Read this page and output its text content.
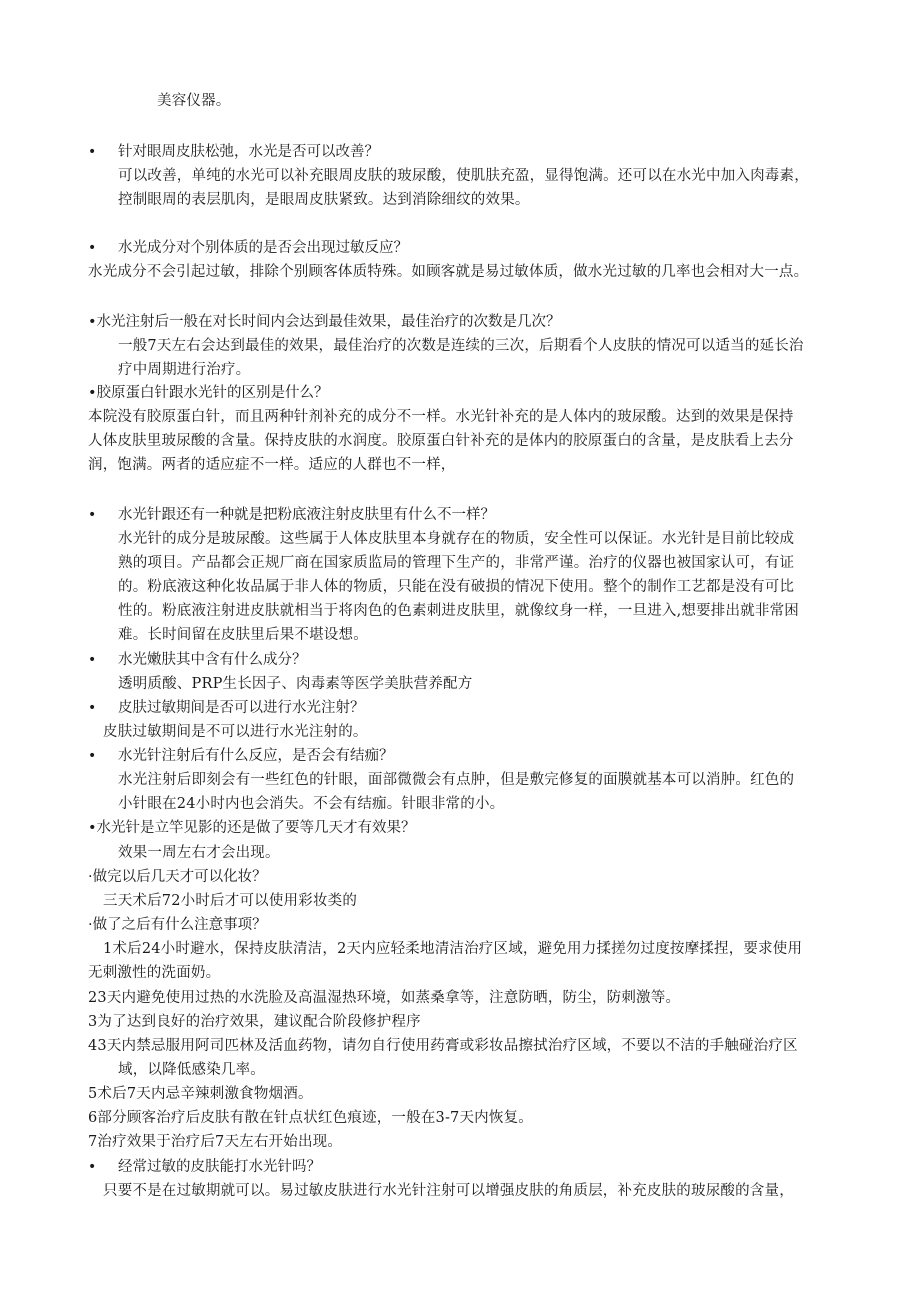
美容仪器。
• 针对眼周皮肤松弛，水光是否可以改善？
可以改善，单纯的水光可以补充眼周皮肤的玻尿酸，使肌肤充盈，显得饱满。还可以在水光中加入肉毒素，
控制眼周的表层肌肉，是眼周皮肤紧致。达到消除细纹的效果。
• 水光成分对个别体质的是否会出现过敏反应？
水光成分不会引起过敏，排除个别顾客体质特殊。如顾客就是易过敏体质，做水光过敏的几率也会相对大一点。
•水光注射后一般在对长时间内会达到最佳效果，最佳治疗的次数是几次？
一般7天左右会达到最佳的效果，最佳治疗的次数是连续的三次，后期看个人皮肤的情况可以适当的延长治
疗中周期进行治疗。
•胶原蛋白针跟水光针的区别是什么？
本院没有胶原蛋白针，而且两种针剂补充的成分不一样。水光针补充的是人体内的玻尿酸。达到的效果是保持
人体皮肤里玻尿酸的含量。保持皮肤的水润度。胶原蛋白针补充的是体内的胶原蛋白的含量，是皮肤看上去分
润，饱满。两者的适应症不一样。适应的人群也不一样，
• 水光针跟还有一种就是把粉底液注射皮肤里有什么不一样？
水光针的成分是玻尿酸。这些属于人体皮肤里本身就存在的物质，安全性可以保证。水光针是目前比较成
熟的项目。产品都会正规厂商在国家质监局的管理下生产的，非常严谨。治疗的仪器也被国家认可，有证
的。粉底液这种化妆品属于非人体的物质，只能在没有破损的情况下使用。整个的制作工艺都是没有可比
性的。粉底液注射进皮肤就相当于将肉色的色素刺进皮肤里，就像纹身一样，一旦进入,想要排出就非常困
难。长时间留在皮肤里后果不堪设想。
• 水光嫩肤其中含有什么成分？
透明质酸、PRP生长因子、肉毒素等医学美肤营养配方
• 皮肤过敏期间是否可以进行水光注射？
皮肤过敏期间是不可以进行水光注射的。
• 水光针注射后有什么反应，是否会有结痂？
水光注射后即刻会有一些红色的针眼，面部微微会有点肿，但是敷完修复的面膜就基本可以消肿。红色的
小针眼在24小时内也会消失。不会有结痂。针眼非常的小。
•水光针是立竿见影的还是做了要等几天才有效果？
效果一周左右才会出现。
·做完以后几天才可以化妆？
三天术后72小时后才可以使用彩妆类的
·做了之后有什么注意事项？
1术后24小时避水，保持皮肤清洁，2天内应轻柔地清洁治疗区域，避免用力揉搓勿过度按摩揉捏，要求使用
无刺激性的洗面奶。
23天内避免使用过热的水洗脸及高温湿热环境，如蒸桑拿等，注意防晒，防尘，防刺激等。
3为了达到良好的治疗效果，建议配合阶段修护程序
43天内禁忌服用阿司匹林及活血药物，请勿自行使用药膏或彩妆品擦拭治疗区域，不要以不洁的手触碰治疗区
域，以降低感染几率。
5术后7天内忌辛辣刺激食物烟酒。
6部分顾客治疗后皮肤有散在针点状红色痕迹，一般在3-7天内恢复。
7治疗效果于治疗后7天左右开始出现。
• 经常过敏的皮肤能打水光针吗？
只要不是在过敏期就可以。易过敏皮肤进行水光针注射可以增强皮肤的角质层，补充皮肤的玻尿酸的含量，
